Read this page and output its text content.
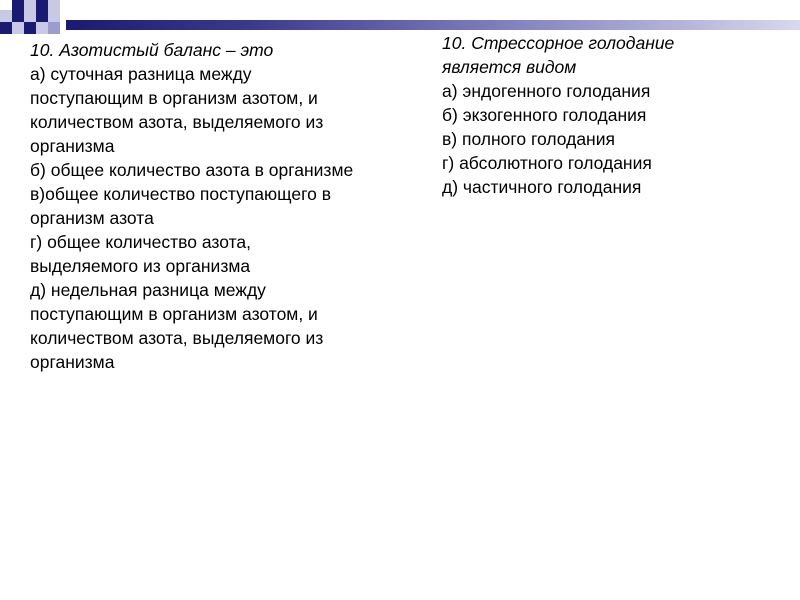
10. Азотистый баланс – это
а) суточная разница между
поступающим в организм азотом, и
количеством азота, выделяемого из
организма
б) общее количество азота в организме
в)общее количество поступающего в
организм азота
г) общее количество азота,
выделяемого из организма
д) недельная разница между
поступающим в организм азотом, и
количеством азота, выделяемого из
организма
10. Стрессорное голодание
является видом
а) эндогенного голодания
б) экзогенного голодания
в) полного голодания
г) абсолютного голодания
д) частичного голодания
